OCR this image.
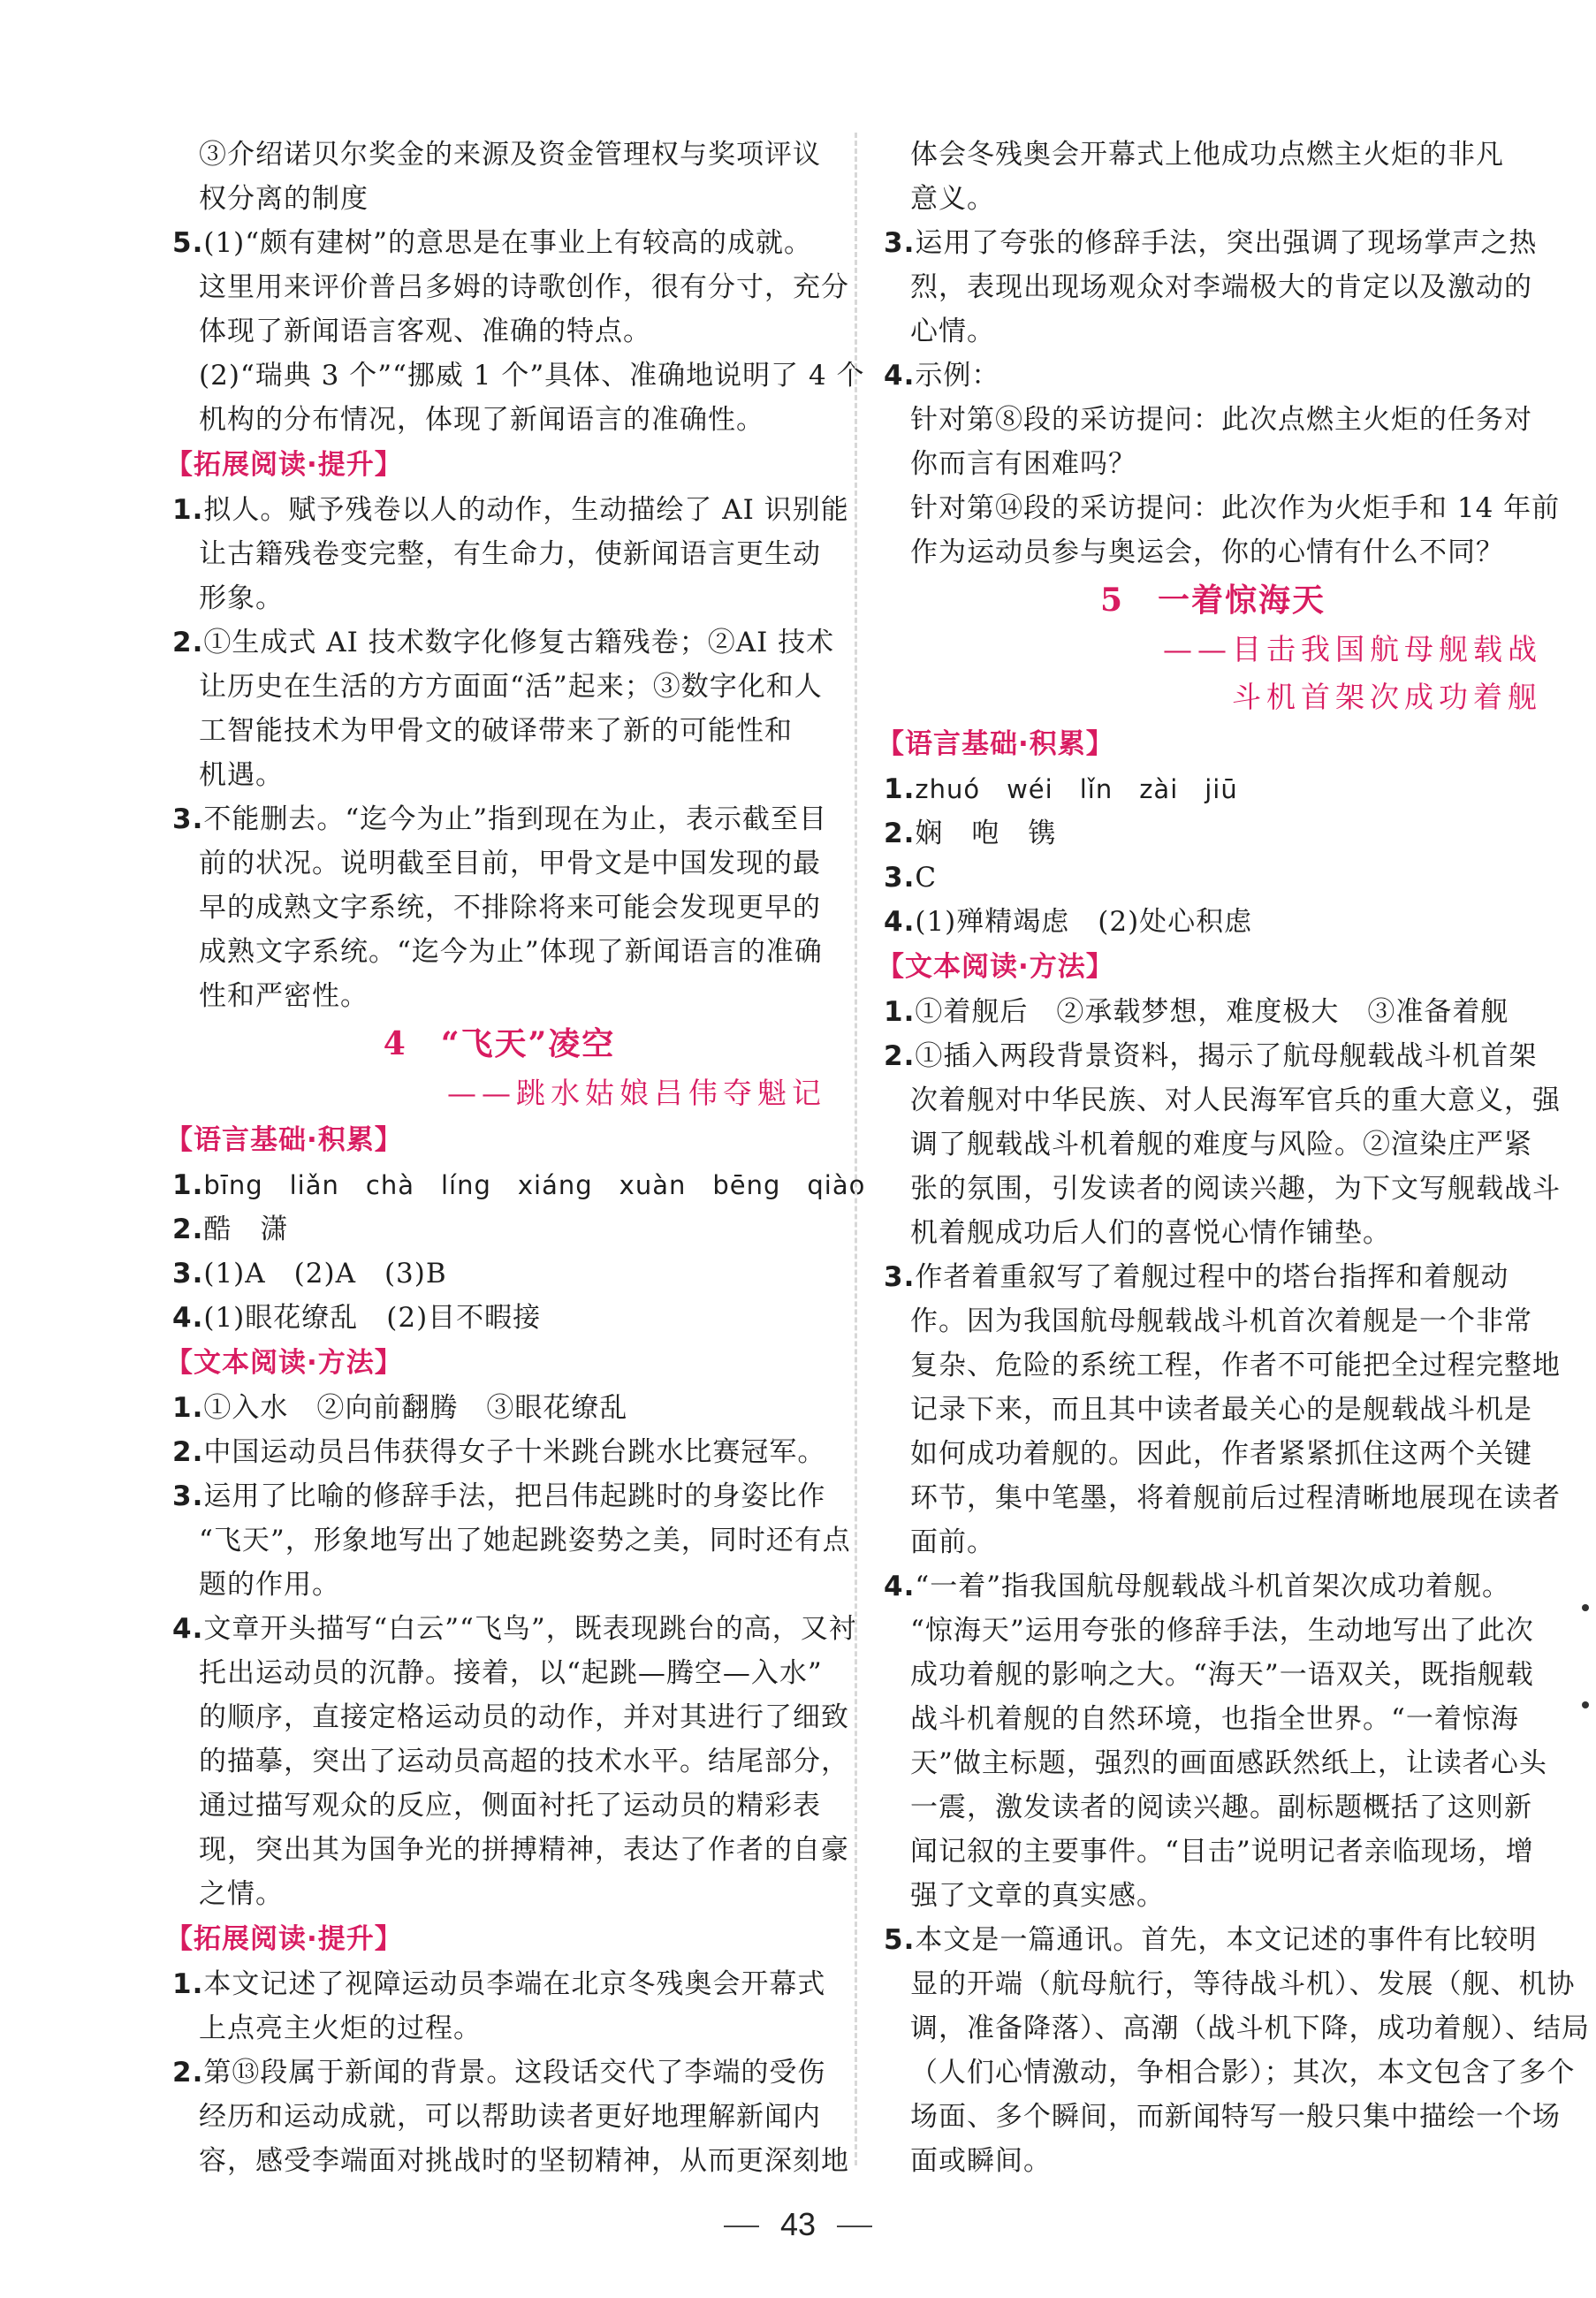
③介绍诺贝尔奖金的来源及资金管理权与奖项评议
权分离的制度
5.(1)“颇有建树”的意思是在事业上有较高的成就。
这里用来评价普吕多姆的诗歌创作，很有分寸，充分
体现了新闻语言客观、准确的特点。
(2)“瑞典 3 个”“挪威 1 个”具体、准确地说明了 4 个
机构的分布情况，体现了新闻语言的准确性。
【拓展阅读·提升】
1.拟人。赋予残卷以人的动作，生动描绘了 AI 识别能
让古籍残卷变完整，有生命力，使新闻语言更生动
形象。
2.①生成式 AI 技术数字化修复古籍残卷；②AI 技术
让历史在生活的方方面面“活”起来；③数字化和人
工智能技术为甲骨文的破译带来了新的可能性和
机遇。
3.不能删去。“迄今为止”指到现在为止，表示截至目
前的状况。说明截至目前，甲骨文是中国发现的最
早的成熟文字系统，不排除将来可能会发现更早的
成熟文字系统。“迄今为止”体现了新闻语言的准确
性和严密性。
4　“飞天”凌空
——跳水姑娘吕伟夺魁记
【语言基础·积累】
1.bīng　liǎn　chà　líng　xiáng　xuàn　bēng　qiào
2.酷　潇
3.(1)A　(2)A　(3)B
4.(1)眼花缭乱　(2)目不暇接
【文本阅读·方法】
1.①入水　②向前翻腾　③眼花缭乱
2.中国运动员吕伟获得女子十米跳台跳水比赛冠军。
3.运用了比喻的修辞手法，把吕伟起跳时的身姿比作
“飞天”，形象地写出了她起跳姿势之美，同时还有点
题的作用。
4.文章开头描写“白云”“飞鸟”，既表现跳台的高，又衬
托出运动员的沉静。接着，以“起跳—腾空—入水”
的顺序，直接定格运动员的动作，并对其进行了细致
的描摹，突出了运动员高超的技术水平。结尾部分，
通过描写观众的反应，侧面衬托了运动员的精彩表
现，突出其为国争光的拼搏精神，表达了作者的自豪
之情。
【拓展阅读·提升】
1.本文记述了视障运动员李端在北京冬残奥会开幕式
上点亮主火炬的过程。
2.第⑬段属于新闻的背景。这段话交代了李端的受伤
经历和运动成就，可以帮助读者更好地理解新闻内
容，感受李端面对挑战时的坚韧精神，从而更深刻地
体会冬残奥会开幕式上他成功点燃主火炬的非凡
意义。
3.运用了夸张的修辞手法，突出强调了现场掌声之热
烈，表现出现场观众对李端极大的肯定以及激动的
心情。
4.示例：
针对第⑧段的采访提问：此次点燃主火炬的任务对
你而言有困难吗？
针对第⑭段的采访提问：此次作为火炬手和 14 年前
作为运动员参与奥运会，你的心情有什么不同？
5　一着惊海天
——目击我国航母舰载战
斗机首架次成功着舰
【语言基础·积累】
1.zhuó　wéi　lǐn　zài　jiū
2.娴　咆　镌
3.C
4.(1)殚精竭虑　(2)处心积虑
【文本阅读·方法】
1.①着舰后　②承载梦想，难度极大　③准备着舰
2.①插入两段背景资料，揭示了航母舰载战斗机首架
次着舰对中华民族、对人民海军官兵的重大意义，强
调了舰载战斗机着舰的难度与风险。②渲染庄严紧
张的氛围，引发读者的阅读兴趣，为下文写舰载战斗
机着舰成功后人们的喜悦心情作铺垫。
3.作者着重叙写了着舰过程中的塔台指挥和着舰动
作。因为我国航母舰载战斗机首次着舰是一个非常
复杂、危险的系统工程，作者不可能把全过程完整地
记录下来，而且其中读者最关心的是舰载战斗机是
如何成功着舰的。因此，作者紧紧抓住这两个关键
环节，集中笔墨，将着舰前后过程清晰地展现在读者
面前。
4.“一着”指我国航母舰载战斗机首架次成功着舰。
“惊海天”运用夸张的修辞手法，生动地写出了此次
成功着舰的影响之大。“海天”一语双关，既指舰载
战斗机着舰的自然环境，也指全世界。“一着惊海
天”做主标题，强烈的画面感跃然纸上，让读者心头
一震，激发读者的阅读兴趣。副标题概括了这则新
闻记叙的主要事件。“目击”说明记者亲临现场，增
强了文章的真实感。
5.本文是一篇通讯。首先，本文记述的事件有比较明
显的开端（航母航行，等待战斗机）、发展（舰、机协
调，准备降落）、高潮（战斗机下降，成功着舰）、结局
（人们心情激动，争相合影）；其次，本文包含了多个
场面、多个瞬间，而新闻特写一般只集中描绘一个场
面或瞬间。
43
